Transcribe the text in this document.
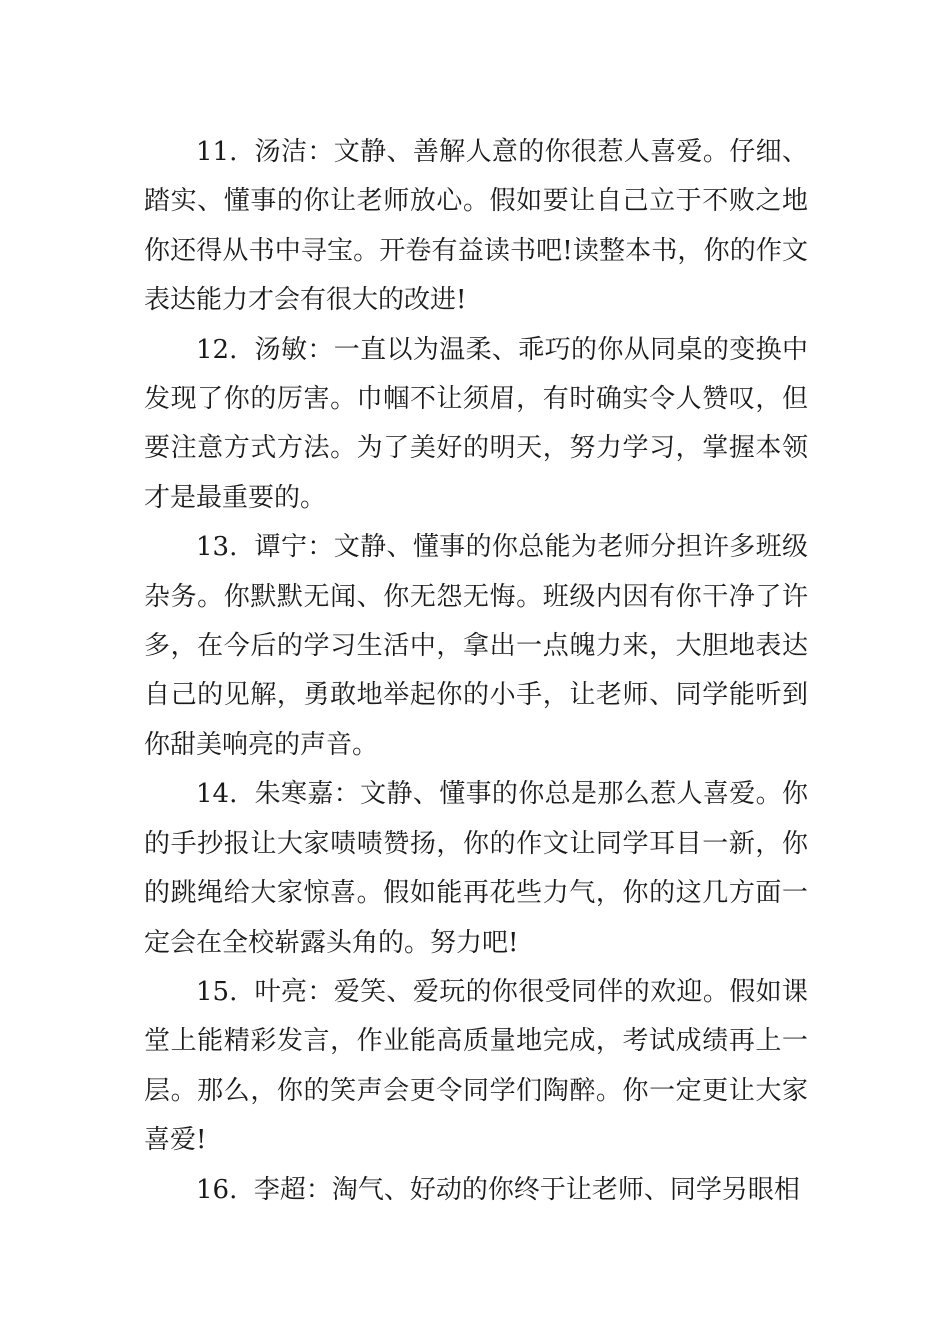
11. 汤洁：文静、善解人意的你很惹人喜爱。仔细、踏实、懂事的你让老师放心。假如要让自己立于不败之地你还得从书中寻宝。开卷有益读书吧!读整本书，你的作文表达能力才会有很大的改进!

12. 汤敏：一直以为温柔、乖巧的你从同桌的变换中发现了你的厉害。巾帼不让须眉，有时确实令人赞叹，但要注意方式方法。为了美好的明天，努力学习，掌握本领才是最重要的。

13. 谭宁：文静、懂事的你总能为老师分担许多班级杂务。你默默无闻、你无怨无悔。班级内因有你干净了许多，在今后的学习生活中，拿出一点魄力来，大胆地表达自己的见解，勇敢地举起你的小手，让老师、同学能听到你甜美响亮的声音。

14. 朱寒嘉：文静、懂事的你总是那么惹人喜爱。你的手抄报让大家啧啧赞扬，你的作文让同学耳目一新，你的跳绳给大家惊喜。假如能再花些力气，你的这几方面一定会在全校崭露头角的。努力吧!

15. 叶亮：爱笑、爱玩的你很受同伴的欢迎。假如课堂上能精彩发言，作业能高质量地完成，考试成绩再上一层。那么，你的笑声会更令同学们陶醉。你一定更让大家喜爱!

16. 李超：淘气、好动的你终于让老师、同学另眼相
